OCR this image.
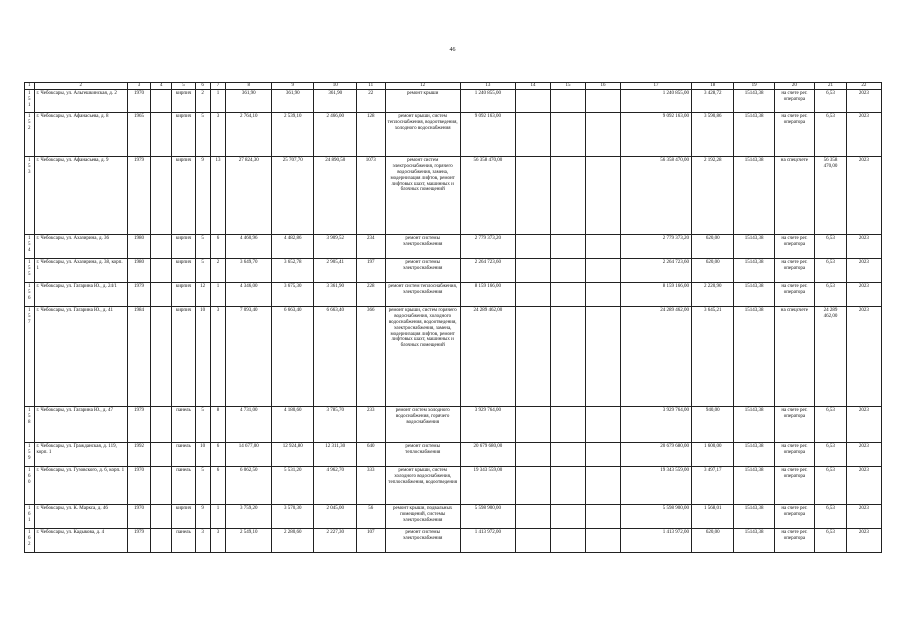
46
1	2	3	4	5	6	7	8	9	10	11	12	13	14	15	16	17	18	19	20	21	22
151	г. Чебоксары, ул. Альгешкинская, д. 2	1970		кирпич	2	1	361,90	361,90	361,90	22	ремонт крыши	1 240 855,00				1 240 855,00	3 428,72	15143,38	на счете рег. оператора	6,53	2023
152	г. Чебоксары, ул. Афанасьева, д. 8	1965		кирпич	5	3	2 764,10	2 539,10	2 466,00	128	ремонт крыши, систем теплоснабжения, водоотведения, холодного водоснабжения	9 092 163,00				9 092 163,00	3 590,86	15143,38	на счете рег. оператора	6,53	2023
153	г. Чебоксары, ул. Афанасьева, д. 9	1979		кирпич	9	13	27 824,30	25 707,70	24 890,50	1073	ремонт систем электроснабжения, горячего водоснабжения, замена, модернизация лифтов, ремонт лифтовых шахт, машинных и блочных помещений	56 358 470,00				56 358 470,00	2 192,28	15143,38	на спецсчете	56 358 470,00	2023
154	г. Чебоксары, ул. Ахазирина, д. 36	1980		кирпич	5	6	4 460,96	4 482,86	3 909,52	234	ремонт системы электроснабжения	2 779 373,20				2 779 373,20	620,00	15143,38	на счете рег. оператора	6,53	2023
155	г. Чебоксары, ул. Ахазирина, д. 38, корп. 1	1980		кирпич	5	2	3 649,70	3 652,78	2 905,41	197	ремонт системы электроснабжения	2 264 723,60				2 264 723,60	620,00	15143,38	на счете рег. оператора	6,53	2023
156	г. Чебоксары, ул. Гагарина Ю., д. 24/1	1979		кирпич	12	1	4 346,00	3 675,30	3 361,90	228	ремонт систем теплоснабжения, электроснабжения	8 159 166,00				8 159 166,00	2 220,90	15143,38	на счете рег. оператора	6,53	2023
157	г. Чебоксары, ул. Гагарина Ю., д. 41	1984		кирпич	10	3	7 093,40	6 663,40	6 663,40	366	ремонт крыши, систем горячего водоснабжения, холодного водоснабжения, водоотведения, электроснабжения, замена, модернизация лифтов, ремонт лифтовых шахт, машинных и блочных помещений	24 289 462,00				24 289 462,00	3 645,21	15143,38	на спецсчете	24 289 462,00	2023
158	г. Чебоксары, ул. Гагарина Ю., д. 47	1979		панель	5	8	4 731,00	4 180,60	3 785,70	233	ремонт систем холодного водоснабжения, горячего водоснабжения	3 929 764,00				3 929 764,00	940,00	15143,38	на счете рег. оператора	6,53	2023
159	г. Чебоксары, ул. Гражданская, д. 119, корп. 1	1992		панель	10	6	14 677,00	12 924,80	12 311,30	640	ремонт системы теплоснабжения	20 679 680,00				20 679 680,00	1 600,00	15143,38	на счете рег. оператора	6,53	2023
160	г. Чебоксары, ул. Гузовского, д. 6, корп. 1	1970		панель	5	6	6 062,50	5 531,20	4 962,70	333	ремонт крыши, систем холодного водоснабжения, теплоснабжения, водоотведения	19 343 559,00				19 343 559,00	3 497,17	15143,38	на счете рег. оператора	6,53	2023
161	г. Чебоксары, ул. К. Маркса, д. 46	1970		кирпич	9	1	3 759,20	3 570,30	2 045,00	56	ремонт крыши, подвальных помещений, системы электроснабжения	5 598 900,00				5 598 900,00	1 568,01	15143,38	на счете рег. оператора	6,53	2023
162	г. Чебоксары, ул. Кадыкова, д. 4	1979		панель	3	3	2 549,10	2 280,60	2 227,30	107	ремонт системы электроснабжения	1 413 972,00				1 413 972,00	620,00	15143,38	на счете рег. оператора	6,53	2023
